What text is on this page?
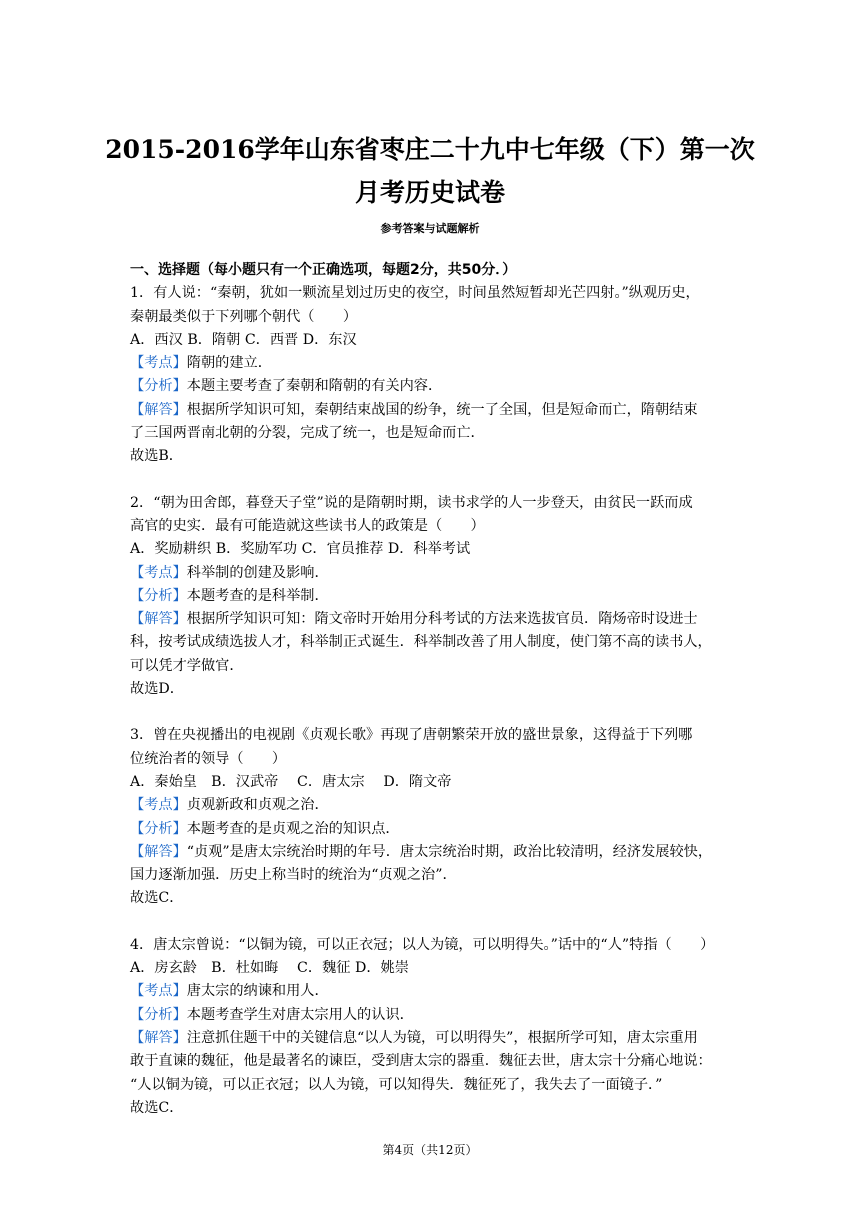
2015-2016学年山东省枣庄二十九中七年级（下）第一次
月考历史试卷
参考答案与试题解析
一、选择题（每小题只有一个正确选项，每题2分，共50分．）
1．有人说：“秦朝，犹如一颗流星划过历史的夜空，时间虽然短暂却光芒四射。”纵观历史，
秦朝最类似于下列哪个朝代（　　）
A．西汉 B．隋朝 C．西晋 D．东汉
【考点】隋朝的建立．
【分析】本题主要考查了秦朝和隋朝的有关内容．
【解答】根据所学知识可知，秦朝结束战国的纷争，统一了全国，但是短命而亡，隋朝结束
了三国两晋南北朝的分裂，完成了统一，也是短命而亡．
故选B．
2．“朝为田舍郎，暮登天子堂”说的是隋朝时期，读书求学的人一步登天，由贫民一跃而成
高官的史实．最有可能造就这些读书人的政策是（　　）
A．奖励耕织 B．奖励军功 C．官员推荐 D．科举考试
【考点】科举制的创建及影响．
【分析】本题考查的是科举制．
【解答】根据所学知识可知：隋文帝时开始用分科考试的方法来选拔官员．隋炀帝时设进士
科，按考试成绩选拔人才，科举制正式诞生．科举制改善了用人制度，使门第不高的读书人，
可以凭才学做官．
故选D．
3．曾在央视播出的电视剧《贞观长歌》再现了唐朝繁荣开放的盛世景象，这得益于下列哪
位统治者的领导（　　）
A．秦始皇　B．汉武帝　 C．唐太宗　 D．隋文帝
【考点】贞观新政和贞观之治．
【分析】本题考查的是贞观之治的知识点．
【解答】“贞观”是唐太宗统治时期的年号．唐太宗统治时期，政治比较清明，经济发展较快，
国力逐渐加强．历史上称当时的统治为“贞观之治”．
故选C．
4．唐太宗曾说：“以铜为镜，可以正衣冠；以人为镜，可以明得失。”话中的“人”特指（　　）
A．房玄龄　B．杜如晦　 C．魏征 D．姚崇
【考点】唐太宗的纳谏和用人．
【分析】本题考查学生对唐太宗用人的认识．
【解答】注意抓住题干中的关键信息“以人为镜，可以明得失”，根据所学可知，唐太宗重用
敢于直谏的魏征，他是最著名的谏臣，受到唐太宗的器重．魏征去世，唐太宗十分痛心地说：
“人以铜为镜，可以正衣冠；以人为镜，可以知得失．魏征死了，我失去了一面镜子．”
故选C．
第4页（共12页）
